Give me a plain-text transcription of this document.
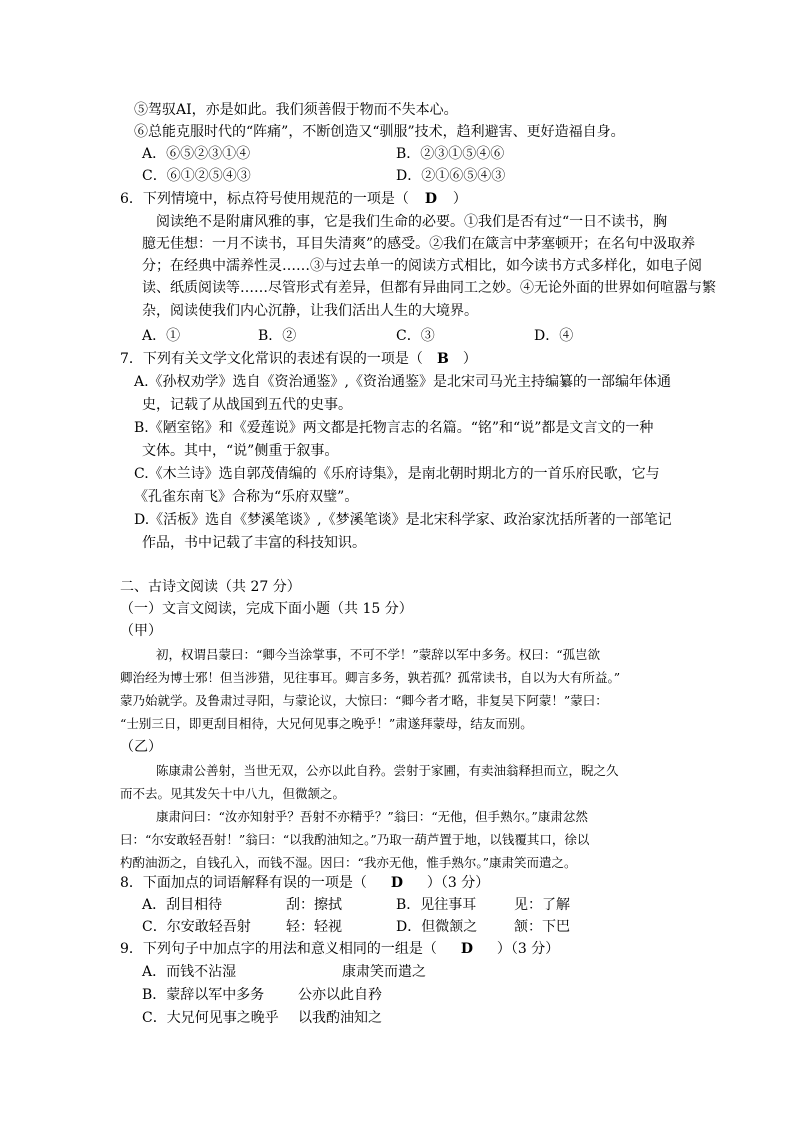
⑤驾驭AI，亦是如此。我们须善假于物而不失本心。
⑥总能克服时代的“阵痛”，不断创造又“驯服”技术，趋利避害、更好造福自身。
A．⑥⑤②③①④	B．②③①⑤④⑥
C．⑥①②⑤④③	D．②①⑥⑤④③
6．下列情境中，标点符号使用规范的一项是（ D ）
阅读绝不是附庸风雅的事，它是我们生命的必要。①我们是否有过“一日不读书，胸
臆无佳想：一月不读书，耳目失清爽”的感受。②我们在箴言中茅塞顿开；在名句中汲取养
分；在经典中濡养性灵……③与过去单一的阅读方式相比，如今读书方式多样化，如电子阅
读、纸质阅读等……尽管形式有差异，但都有异曲同工之妙。④无论外面的世界如何喧嚣与繁
杂，阅读使我们内心沉静，让我们活出人生的大境界。
A．①	B．②	C．③	D．④
7．下列有关文学文化常识的表述有误的一项是（ B ）
A.《孙权劝学》选自《资治通鉴》,《资治通鉴》是北宋司马光主持编纂的一部编年体通
史，记载了从战国到五代的史事。
B.《陋室铭》和《爱莲说》两文都是托物言志的名篇。“铭”和“说”都是文言文的一种
文体。其中，“说”侧重于叙事。
C.《木兰诗》选自郭茂倩编的《乐府诗集》，是南北朝时期北方的一首乐府民歌，它与
《孔雀东南飞》合称为“乐府双璧”。
D.《活板》选自《梦溪笔谈》,《梦溪笔谈》是北宋科学家、政治家沈括所著的一部笔记
作品，书中记载了丰富的科技知识。
二、古诗文阅读（共 27 分）
（一）文言文阅读，完成下面小题（共 15 分）
（甲）
初，权谓吕蒙曰：“卿今当涂掌事，不可不学！”蒙辞以军中多务。权曰：“孤岂欲
卿治经为博士邪！但当涉猎，见往事耳。卿言多务，孰若孤？孤常读书，自以为大有所益。”
蒙乃始就学。及鲁肃过寻阳，与蒙论议，大惊曰：“卿今者才略，非复吴下阿蒙！”蒙曰：
“士别三日，即更刮目相待，大兄何见事之晚乎！”肃遂拜蒙母，结友而别。
（乙）
陈康肃公善射，当世无双，公亦以此自矜。尝射于家圃，有卖油翁释担而立，睨之久
而不去。见其发矢十中八九，但微颔之。
康肃问曰：“汝亦知射乎？吾射不亦精乎？”翁曰：“无他，但手熟尔。”康肃忿然
曰：“尔安敢轻吾射！”翁曰：“以我酌油知之。”乃取一葫芦置于地，以钱覆其口，徐以
杓酌油沥之，自钱孔入，而钱不湿。因曰：“我亦无他，惟手熟尔。”康肃笑而遣之。
8．下面加点的词语解释有误的一项是（ D ）（3 分）
A．刮目相待	刮：擦拭	B．见往事耳	见：了解
C．尔安敢轻吾射	轻：轻视	D．但微颔之	颔：下巴
9．下列句子中加点字的用法和意义相同的一组是（ D ）（3 分）
A．而钱不沾湿	康肃笑而遣之
B．蒙辞以军中多务 公亦以此自矜
C．大兄何见事之晚乎 以我酌油知之
